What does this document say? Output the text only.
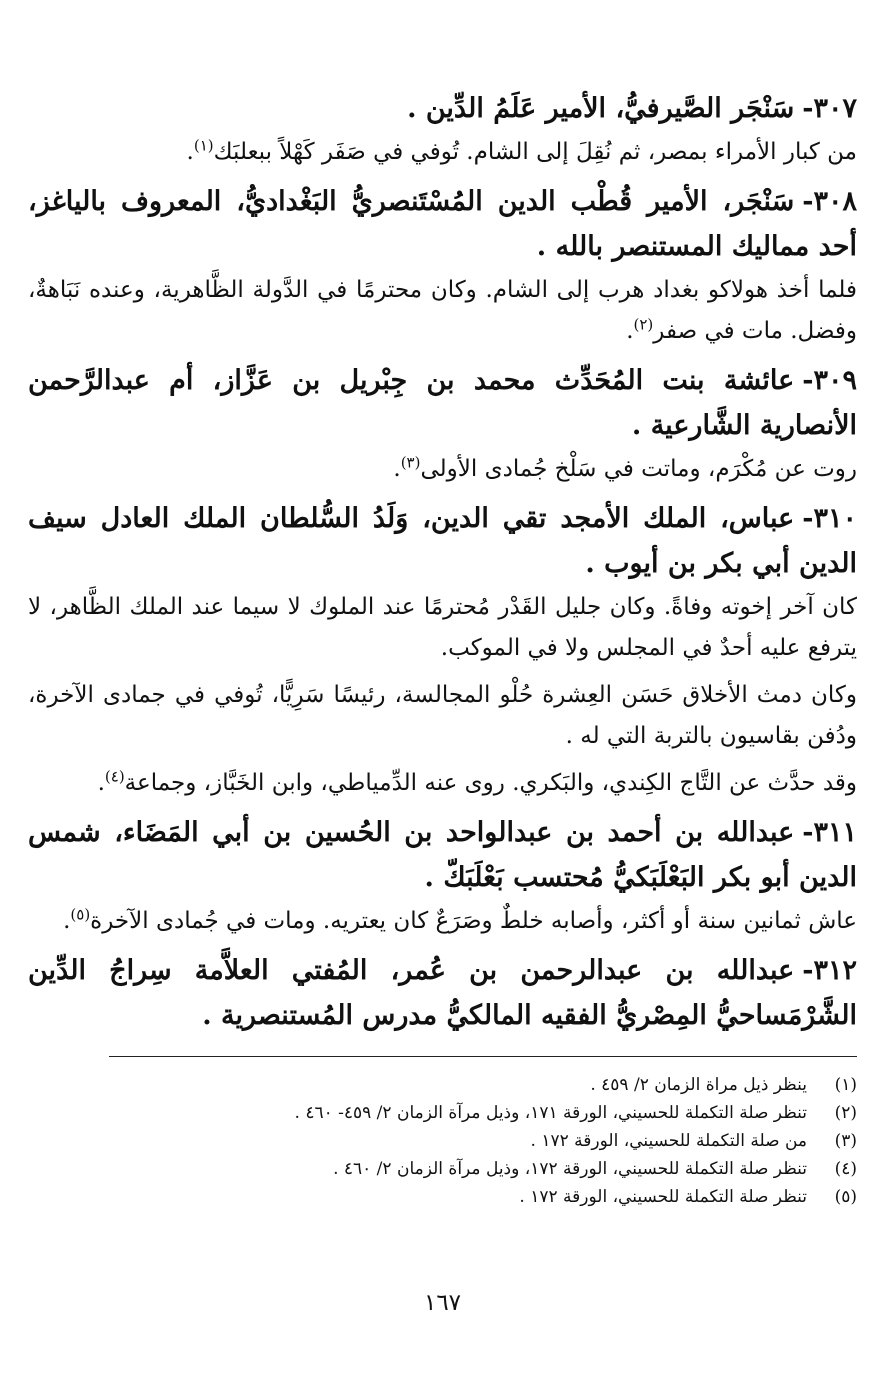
٣٠٧-سَنْجَر الصَّيرفيُّ، الأمير عَلَمُ الدِّين .

من كبار الأمراء بمصر، ثم نُقِلَ إلى الشام. تُوفي في صَفَر كَهْلاً ببعلبَك$^{(١)}$.

٣٠٨-سَنْجَر، الأمير قُطْب الدين المُسْتَنصريُّ البَغْداديُّ، المعروف بالياغز، أحد مماليك المستنصر بالله .

فلما أخذ هولاكو بغداد هرب إلى الشام. وكان محترمًا في الدَّولة الظَّاهرية، وعنده نَبَاهةٌ، وفضل. مات في صفر$^{(٢)}$.

٣٠٩-عائشة بنت المُحَدِّث محمد بن جِبْريل بن عَزَّاز، أم عبدالرَّحمن الأنصارية الشَّارعية .

روت عن مُكْرَم، وماتت في سَلْخ جُمادى الأولى$^{(٣)}$.

٣١٠-عباس، الملك الأمجد تقي الدين، وَلَدُ السُّلطان الملك العادل سيف الدين أبي بكر بن أيوب .

كان آخر إخوته وفاةً. وكان جليل القَدْر مُحترمًا عند الملوك لا سيما عند الملك الظَّاهر، لا يترفع عليه أحدٌ في المجلس ولا في الموكب.

وكان دمث الأخلاق حَسَن العِشرة حُلْو المجالسة، رئيسًا سَرِيًّا، تُوفي في جمادى الآخرة، ودُفن بقاسيون بالتربة التي له .

وقد حدَّث عن التَّاج الكِندي، والبَكري. روى عنه الدِّمياطي، وابن الخَبَّاز، وجماعة$^{(٤)}$.

٣١١-عبدالله بن أحمد بن عبدالواحد بن الحُسين بن أبي المَضَاء، شمس الدين أبو بكر البَعْلَبَكيُّ مُحتسب بَعْلَبَكّ .

عاش ثمانين سنة أو أكثر، وأصابه خلطٌ وصَرَعٌ كان يعتريه. ومات في جُمادى الآخرة$^{(٥)}$.

٣١٢-عبدالله بن عبدالرحمن بن عُمر، المُفتي العلاَّمة سِراجُ الدِّين الشَّرْمَساحيُّ المِصْريُّ الفقيه المالكيُّ مدرس المُستنصرية .

(١)
ينظر ذيل مراة الزمان ٢/ ٤٥٩ .
(٢)
تنظر صلة التكملة للحسيني، الورقة ١٧١، وذيل مرآة الزمان ٢/ ٤٥٩- ٤٦٠ .
(٣)
من صلة التكملة للحسيني، الورقة ١٧٢ .
(٤)
تنظر صلة التكملة للحسيني، الورقة ١٧٢، وذيل مرآة الزمان ٢/ ٤٦٠ .
(٥)
تنظر صلة التكملة للحسيني، الورقة ١٧٢ .
١٦٧
